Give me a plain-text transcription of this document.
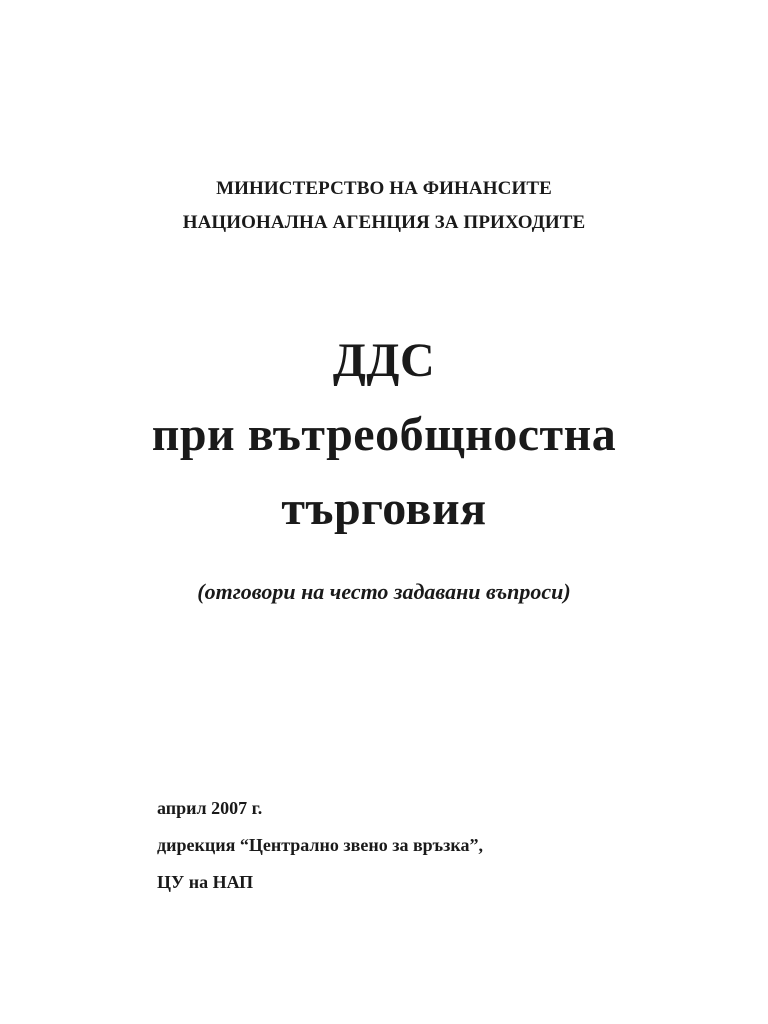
МИНИСТЕРСТВО НА ФИНАНСИТЕ
НАЦИОНАЛНА АГЕНЦИЯ ЗА ПРИХОДИТЕ
ДДС
при вътреобщностна
търговия
(отговори на често задавани въпроси)
април 2007 г.
дирекция “Централно звено за връзка”,
ЦУ на НАП
